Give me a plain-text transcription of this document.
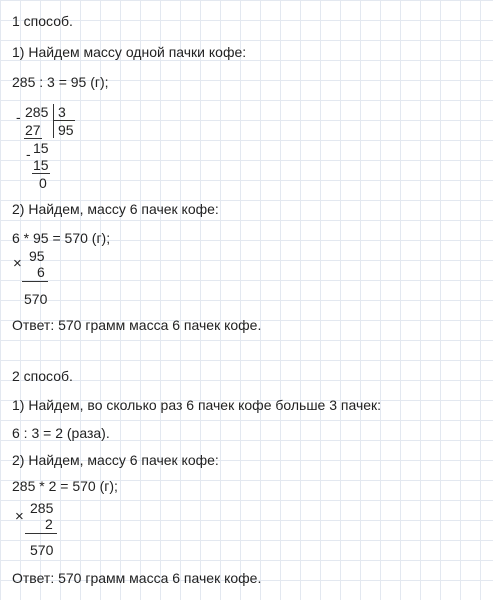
1 способ.
1) Найдем массу одной пачки кофе:
285 : 3 = 95 (г);
- 285 3
95
27
- 15
15
0
2) Найдем, массу 6 пачек кофе:
6 * 95 = 570 (г);
95
× 6
570
Ответ: 570 грамм масса 6 пачек кофе.
2 способ.
1) Найдем, во сколько раз 6 пачек кофе больше 3 пачек:
6 : 3 = 2 (раза).
2) Найдем, массу 6 пачек кофе:
285 * 2 = 570 (г);
285
× 2
570
Ответ: 570 грамм масса 6 пачек кофе.
